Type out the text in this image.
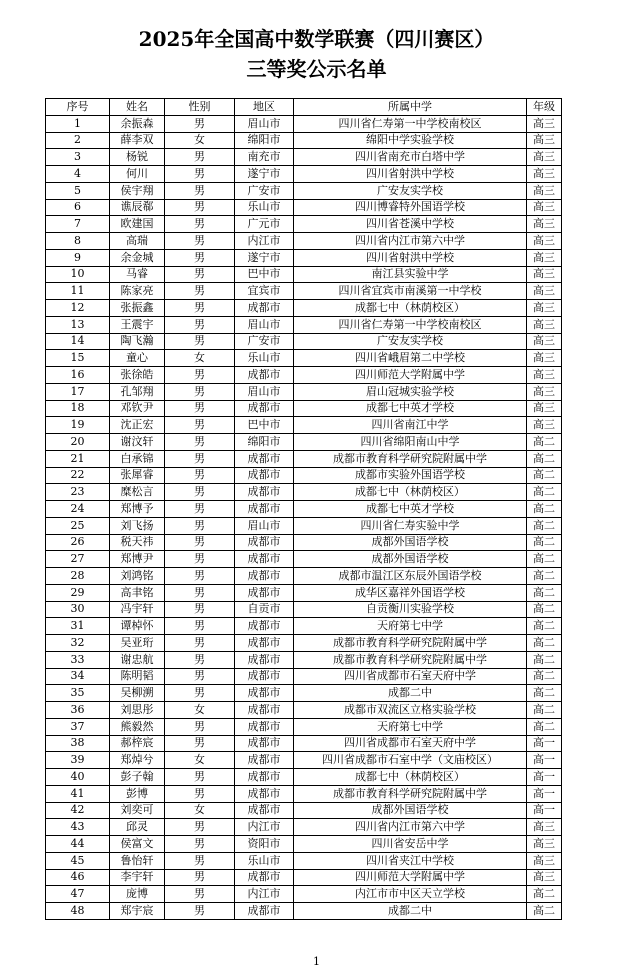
2025年全国高中数学联赛（四川赛区）
三等奖公示名单
序号	姓名	性别	地区	所属中学	年级
1	余振森	男	眉山市	四川省仁寿第一中学校南校区	高三
2	薛李双	女	绵阳市	绵阳中学实验学校	高三
3	杨锐	男	南充市	四川省南充市白塔中学	高三
4	何川	男	遂宁市	四川省射洪中学校	高三
5	侯宇翔	男	广安市	广安友实学校	高三
6	谯辰郗	男	乐山市	四川博睿特外国语学校	高三
7	欧建国	男	广元市	四川省苍溪中学校	高三
8	高瑞	男	内江市	四川省内江市第六中学	高三
9	余金城	男	遂宁市	四川省射洪中学校	高三
10	马睿	男	巴中市	南江县实验中学	高三
11	陈家亮	男	宜宾市	四川省宜宾市南溪第一中学校	高三
12	张振鑫	男	成都市	成都七中（林荫校区）	高三
13	王震宇	男	眉山市	四川省仁寿第一中学校南校区	高三
14	陶飞瀚	男	广安市	广安友实学校	高三
15	童心	女	乐山市	四川省峨眉第二中学校	高三
16	张徐皓	男	成都市	四川师范大学附属中学	高三
17	孔邹翔	男	眉山市	眉山冠城实验学校	高三
18	邓钦尹	男	成都市	成都七中英才学校	高三
19	沈正宏	男	巴中市	四川省南江中学	高三
20	谢汶轩	男	绵阳市	四川省绵阳南山中学	高二
21	白承锦	男	成都市	成都市教育科学研究院附属中学	高二
22	张犀睿	男	成都市	成都市实验外国语学校	高二
23	糜松言	男	成都市	成都七中（林荫校区）	高二
24	郑博予	男	成都市	成都七中英才学校	高二
25	刘飞扬	男	眉山市	四川省仁寿实验中学	高二
26	税天祎	男	成都市	成都外国语学校	高二
27	郑博尹	男	成都市	成都外国语学校	高二
28	刘鸿铭	男	成都市	成都市温江区东辰外国语学校	高二
29	高聿铭	男	成都市	成华区嘉祥外国语学校	高二
30	冯宇轩	男	自贡市	自贡衡川实验学校	高二
31	谭棹怀	男	成都市	天府第七中学	高二
32	吴亚珩	男	成都市	成都市教育科学研究院附属中学	高二
33	谢忠航	男	成都市	成都市教育科学研究院附属中学	高二
34	陈明韬	男	成都市	四川省成都市石室天府中学	高二
35	吴柳溯	男	成都市	成都二中	高二
36	刘思彤	女	成都市	成都市双流区立格实验学校	高二
37	熊毅然	男	成都市	天府第七中学	高二
38	郝梓宸	男	成都市	四川省成都市石室天府中学	高一
39	郑焯兮	女	成都市	四川省成都市石室中学（文庙校区）	高一
40	彭子翰	男	成都市	成都七中（林荫校区）	高一
41	彭博	男	成都市	成都市教育科学研究院附属中学	高一
42	刘奕可	女	成都市	成都外国语学校	高一
43	邱灵	男	内江市	四川省内江市第六中学	高三
44	侯富文	男	资阳市	四川省安岳中学	高三
45	鲁怡轩	男	乐山市	四川省夹江中学校	高三
46	李宇轩	男	成都市	四川师范大学附属中学	高三
47	庞博	男	内江市	内江市市中区天立学校	高二
48	郑宇宸	男	成都市	成都二中	高二
1
